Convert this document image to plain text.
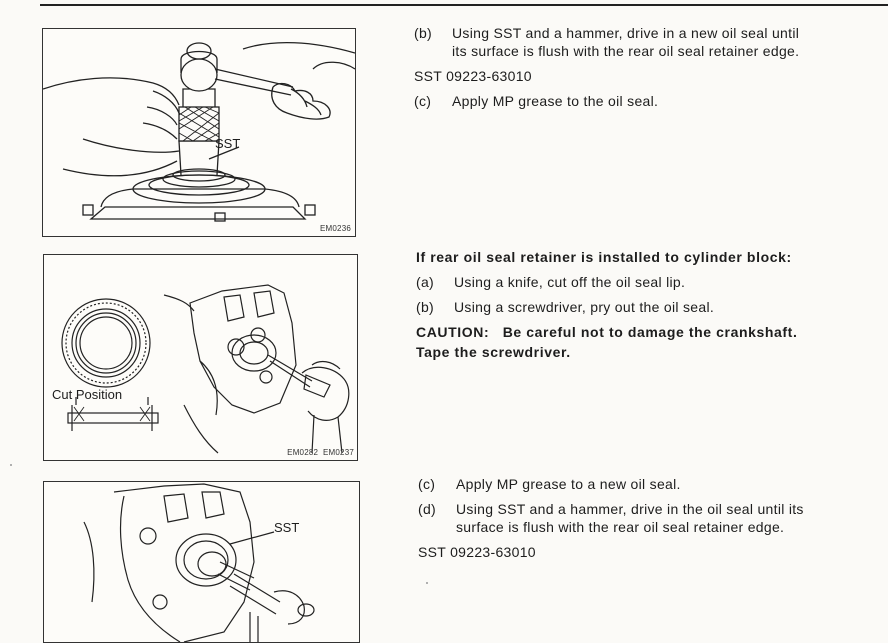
SST
EM0236
Cut Position
EM0282  EM0237
SST
(b) Using SST and a hammer, drive in a new oil seal until
its surface is flush with the rear oil seal retainer edge.
SST 09223-63010
(c) Apply MP grease to the oil seal.
If rear oil seal retainer is installed to cylinder block:
(a) Using a knife, cut off the oil seal lip.
(b) Using a screwdriver, pry out the oil seal.
CAUTION:   Be careful not to damage the crankshaft.
Tape the screwdriver.
(c) Apply MP grease to a new oil seal.
(d) Using SST and a hammer, drive in the oil seal until its
surface is flush with the rear oil seal retainer edge.
SST 09223-63010
